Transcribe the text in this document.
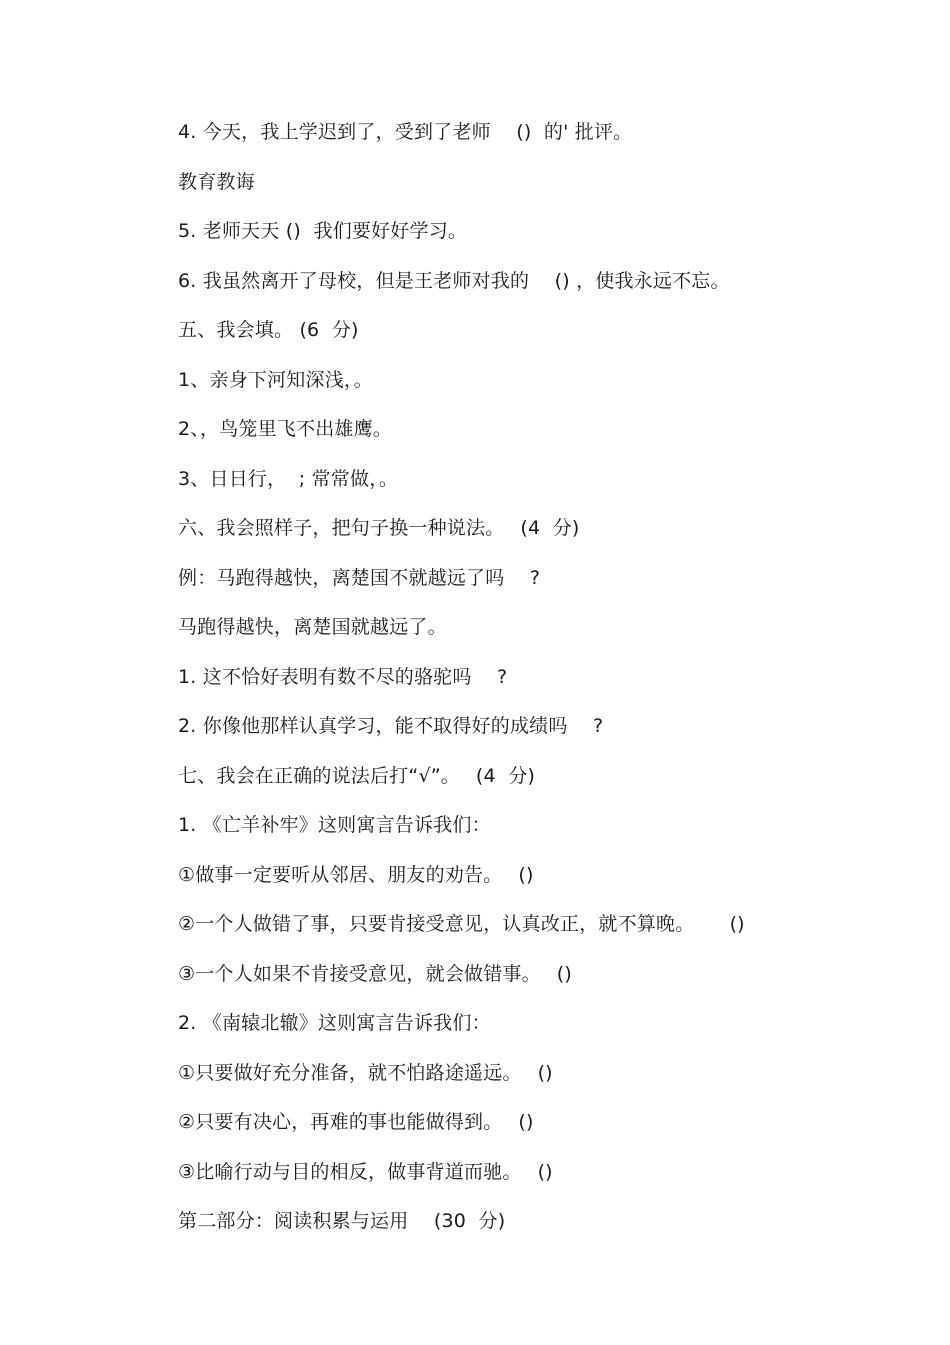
4. 今天，我上学迟到了，受到了老师　 ()  的' 批评。
教育教诲
5. 老师天天 ()  我们要好好学习。
6. 我虽然离开了母校，但是王老师对我的　 () ，使我永远不忘。
五、我会填。 (6  分)
1、亲身下河知深浅，。
2、，鸟笼里飞不出雄鹰。
3、日日行，  ; 常常做，。
六、我会照样子，把句子换一种说法。　 (4  分)
例：马跑得越快，离楚国不就越远了吗　 ?
马跑得越快，离楚国就越远了。
1. 这不恰好表明有数不尽的骆驼吗　 ?
2. 你像他那样认真学习，能不取得好的成绩吗　 ?
七、我会在正确的说法后打“√”。　 (4  分)
1. 《亡羊补牢》这则寓言告诉我们：
①做事一定要听从邻居、朋友的劝告。　 ()
②一个人做错了事，只要肯接受意见，认真改正，就不算晚。　　 ()
③一个人如果不肯接受意见，就会做错事。　 ()
2. 《南辕北辙》这则寓言告诉我们：
①只要做好充分准备，就不怕路途遥远。　 ()
②只要有决心，再难的事也能做得到。　 ()
③比喻行动与目的相反，做事背道而驰。　 ()
第二部分：阅读积累与运用　 (30  分)
